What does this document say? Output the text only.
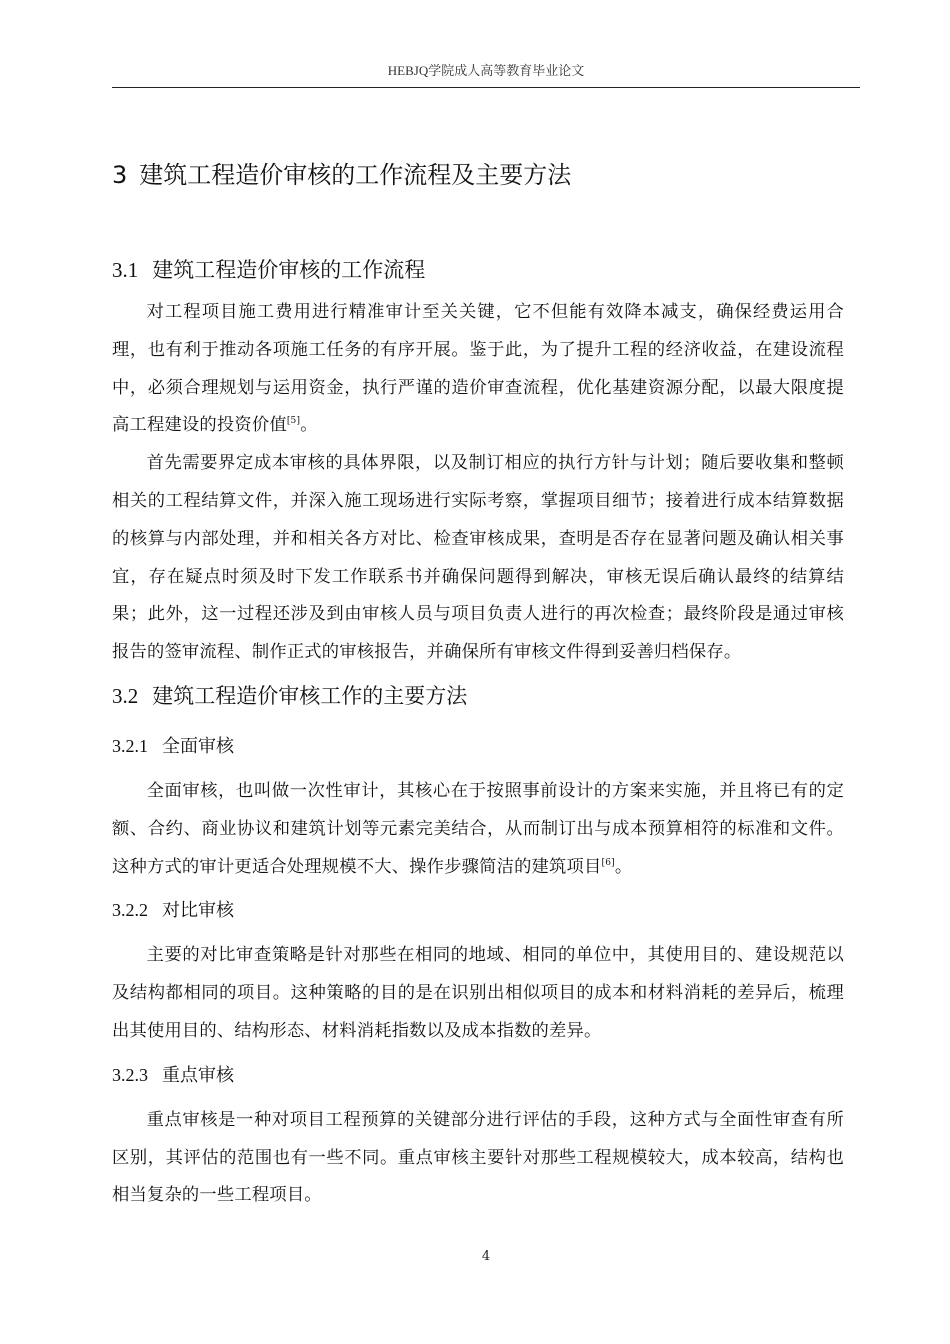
HEBJQ学院成人高等教育毕业论文
3 建筑工程造价审核的工作流程及主要方法
3.1 建筑工程造价审核的工作流程

对工程项目施工费用进行精准审计至关关键，它不但能有效降本减支，确保经费运用合理，也有利于推动各项施工任务的有序开展。鉴于此，为了提升工程的经济收益，在建设流程中，必须合理规划与运用资金，执行严谨的造价审查流程，优化基建资源分配，以最大限度提高工程建设的投资价值[5]。

首先需要界定成本审核的具体界限，以及制订相应的执行方针与计划；随后要收集和整顿相关的工程结算文件，并深入施工现场进行实际考察，掌握项目细节；接着进行成本结算数据的核算与内部处理，并和相关各方对比、检查审核成果，查明是否存在显著问题及确认相关事宜，存在疑点时须及时下发工作联系书并确保问题得到解决，审核无误后确认最终的结算结果；此外，这一过程还涉及到由审核人员与项目负责人进行的再次检查；最终阶段是通过审核报告的签审流程、制作正式的审核报告，并确保所有审核文件得到妥善归档保存。

3.2 建筑工程造价审核工作的主要方法
3.2.1 全面审核

全面审核，也叫做一次性审计，其核心在于按照事前设计的方案来实施，并且将已有的定额、合约、商业协议和建筑计划等元素完美结合，从而制订出与成本预算相符的标准和文件。这种方式的审计更适合处理规模不大、操作步骤简洁的建筑项目[6]。

3.2.2 对比审核

主要的对比审查策略是针对那些在相同的地域、相同的单位中，其使用目的、建设规范以及结构都相同的项目。这种策略的目的是在识别出相似项目的成本和材料消耗的差异后，梳理出其使用目的、结构形态、材料消耗指数以及成本指数的差异。

3.2.3 重点审核

重点审核是一种对项目工程预算的关键部分进行评估的手段，这种方式与全面性审查有所区别，其评估的范围也有一些不同。重点审核主要针对那些工程规模较大，成本较高，结构也相当复杂的一些工程项目。

4
